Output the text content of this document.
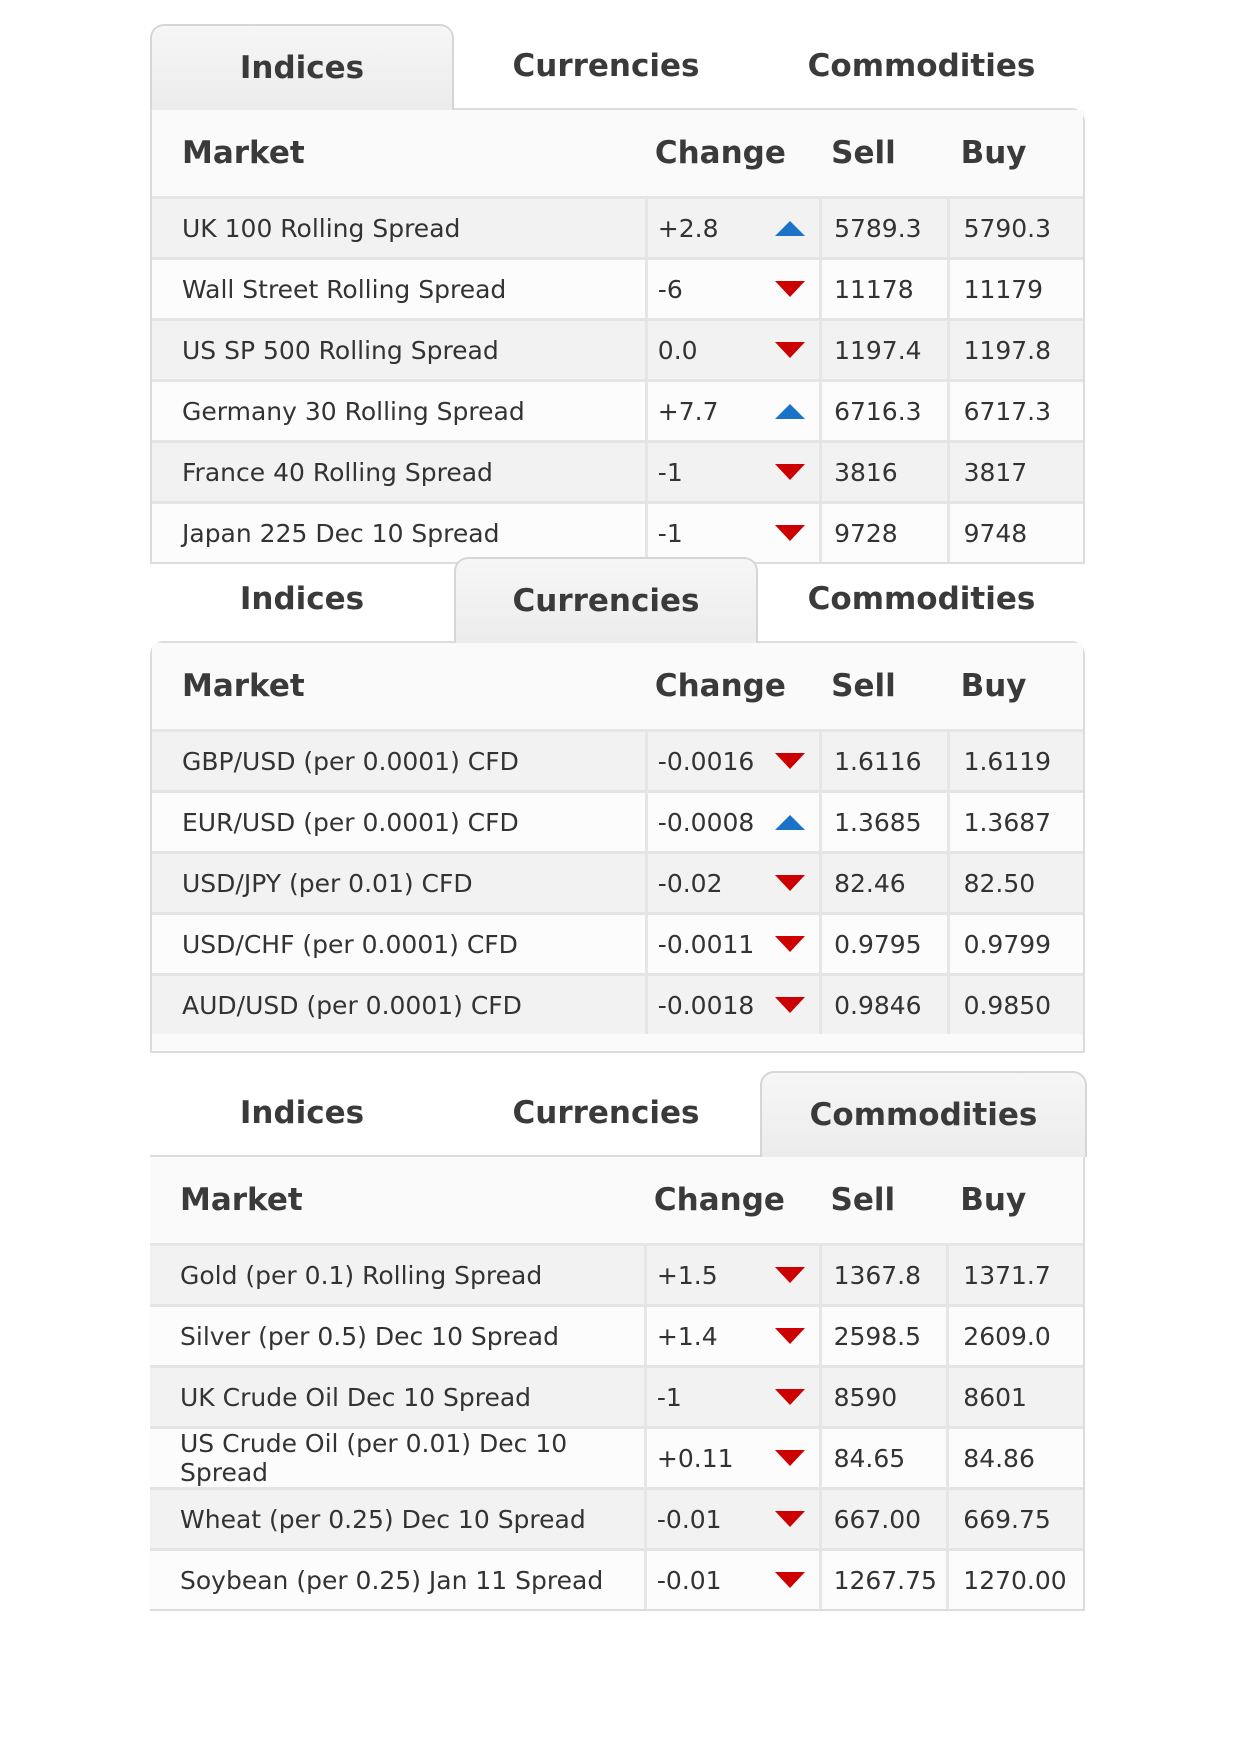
Indices	Currencies	Commodities
Market	Change	Sell	Buy
UK 100 Rolling Spread	+2.8	5789.3	5790.3
Wall Street Rolling Spread	-6	11178	11179
US SP 500 Rolling Spread	0.0	1197.4	1197.8
Germany 30 Rolling Spread	+7.7	6716.3	6717.3
France 40 Rolling Spread	-1	3816	3817
Japan 225 Dec 10 Spread	-1	9728	9748
Indices	Currencies	Commodities
Market	Change	Sell	Buy
GBP/USD (per 0.0001) CFD	-0.0016	1.6116	1.6119
EUR/USD (per 0.0001) CFD	-0.0008	1.3685	1.3687
USD/JPY (per 0.01) CFD	-0.02	82.46	82.50
USD/CHF (per 0.0001) CFD	-0.0011	0.9795	0.9799
AUD/USD (per 0.0001) CFD	-0.0018	0.9846	0.9850
Indices	Currencies	Commodities
Market	Change	Sell	Buy
Gold (per 0.1) Rolling Spread	+1.5	1367.8	1371.7
Silver (per 0.5) Dec 10 Spread	+1.4	2598.5	2609.0
UK Crude Oil Dec 10 Spread	-1	8590	8601
US Crude Oil (per 0.01) Dec 10 Spread	+0.11	84.65	84.86
Wheat (per 0.25) Dec 10 Spread	-0.01	667.00	669.75
Soybean (per 0.25) Jan 11 Spread	-0.01	1267.75	1270.00
